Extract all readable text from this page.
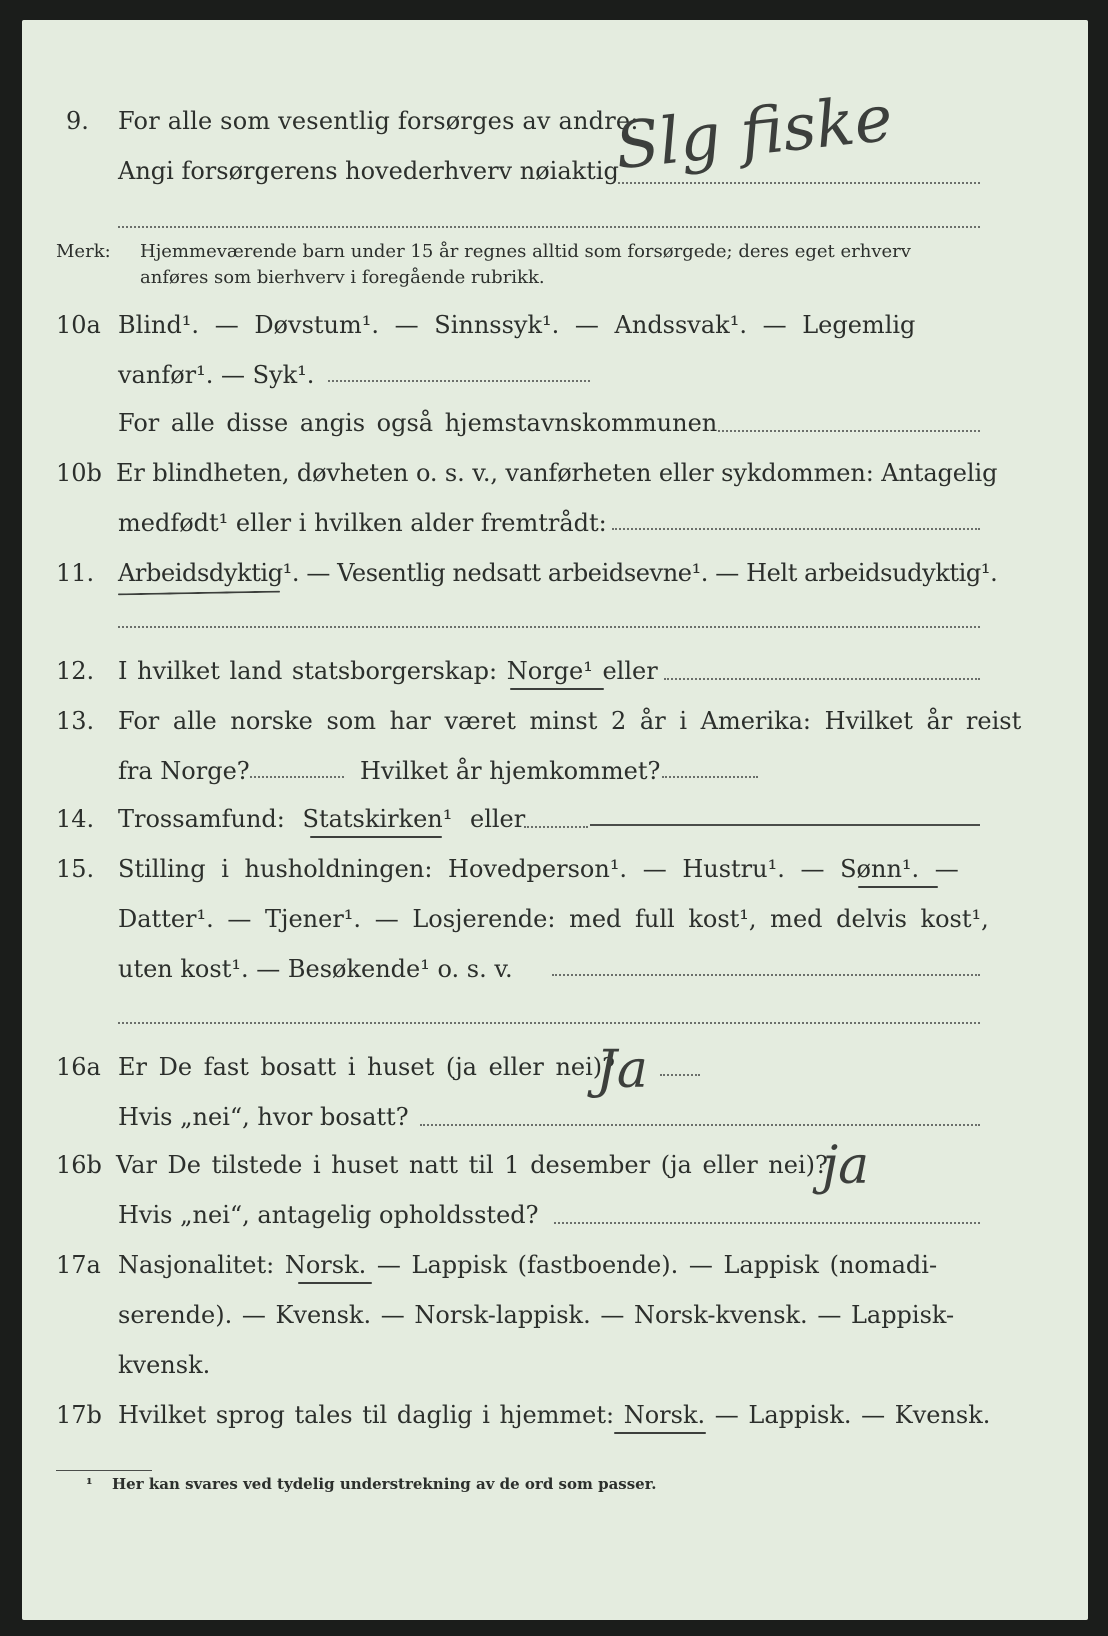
9. For alle som vesentlig forsørges av andre:
Angi forsørgerens hovederhverv nøiaktig
Slg fiske
Merk: Hjemmeværende barn under 15 år regnes alltid som forsørgede; deres eget erhverv
anføres som bierhverv i foregående rubrikk.
10a Blind¹. — Døvstum¹. — Sinnssyk¹. — Andssvak¹. — Legemlig
vanfør¹. — Syk¹.
For alle disse angis også hjemstavnskommunen
10b Er blindheten, døvheten o. s. v., vanførheten eller sykdommen: Antagelig
medfødt¹ eller i hvilken alder fremtrådt:
11. Arbeidsdyktig¹. — Vesentlig nedsatt arbeidsevne¹. — Helt arbeidsudyktig¹.
12. I hvilket land statsborgerskap: Norge¹ eller
13. For alle norske som har været minst 2 år i Amerika: Hvilket år reist
fra Norge?	Hvilket år hjemkommet?
14. Trossamfund: Statskirken¹ eller
15. Stilling i husholdningen: Hovedperson¹. — Hustru¹. — Sønn¹. —
Datter¹. — Tjener¹. — Losjerende: med full kost¹, med delvis kost¹,
uten kost¹. — Besøkende¹ o. s. v.
16a Er De fast bosatt i huset (ja eller nei)?
Ja
Hvis „nei“, hvor bosatt?
16b Var De tilstede i huset natt til 1 desember (ja eller nei)?
ja
Hvis „nei“, antagelig opholdssted?
17a Nasjonalitet: Norsk. — Lappisk (fastboende). — Lappisk (nomadi-
serende). — Kvensk. — Norsk-lappisk. — Norsk-kvensk. — Lappisk-
kvensk.
17b Hvilket sprog tales til daglig i hjemmet: Norsk. — Lappisk. — Kvensk.
¹ Her kan svares ved tydelig understrekning av de ord som passer.
